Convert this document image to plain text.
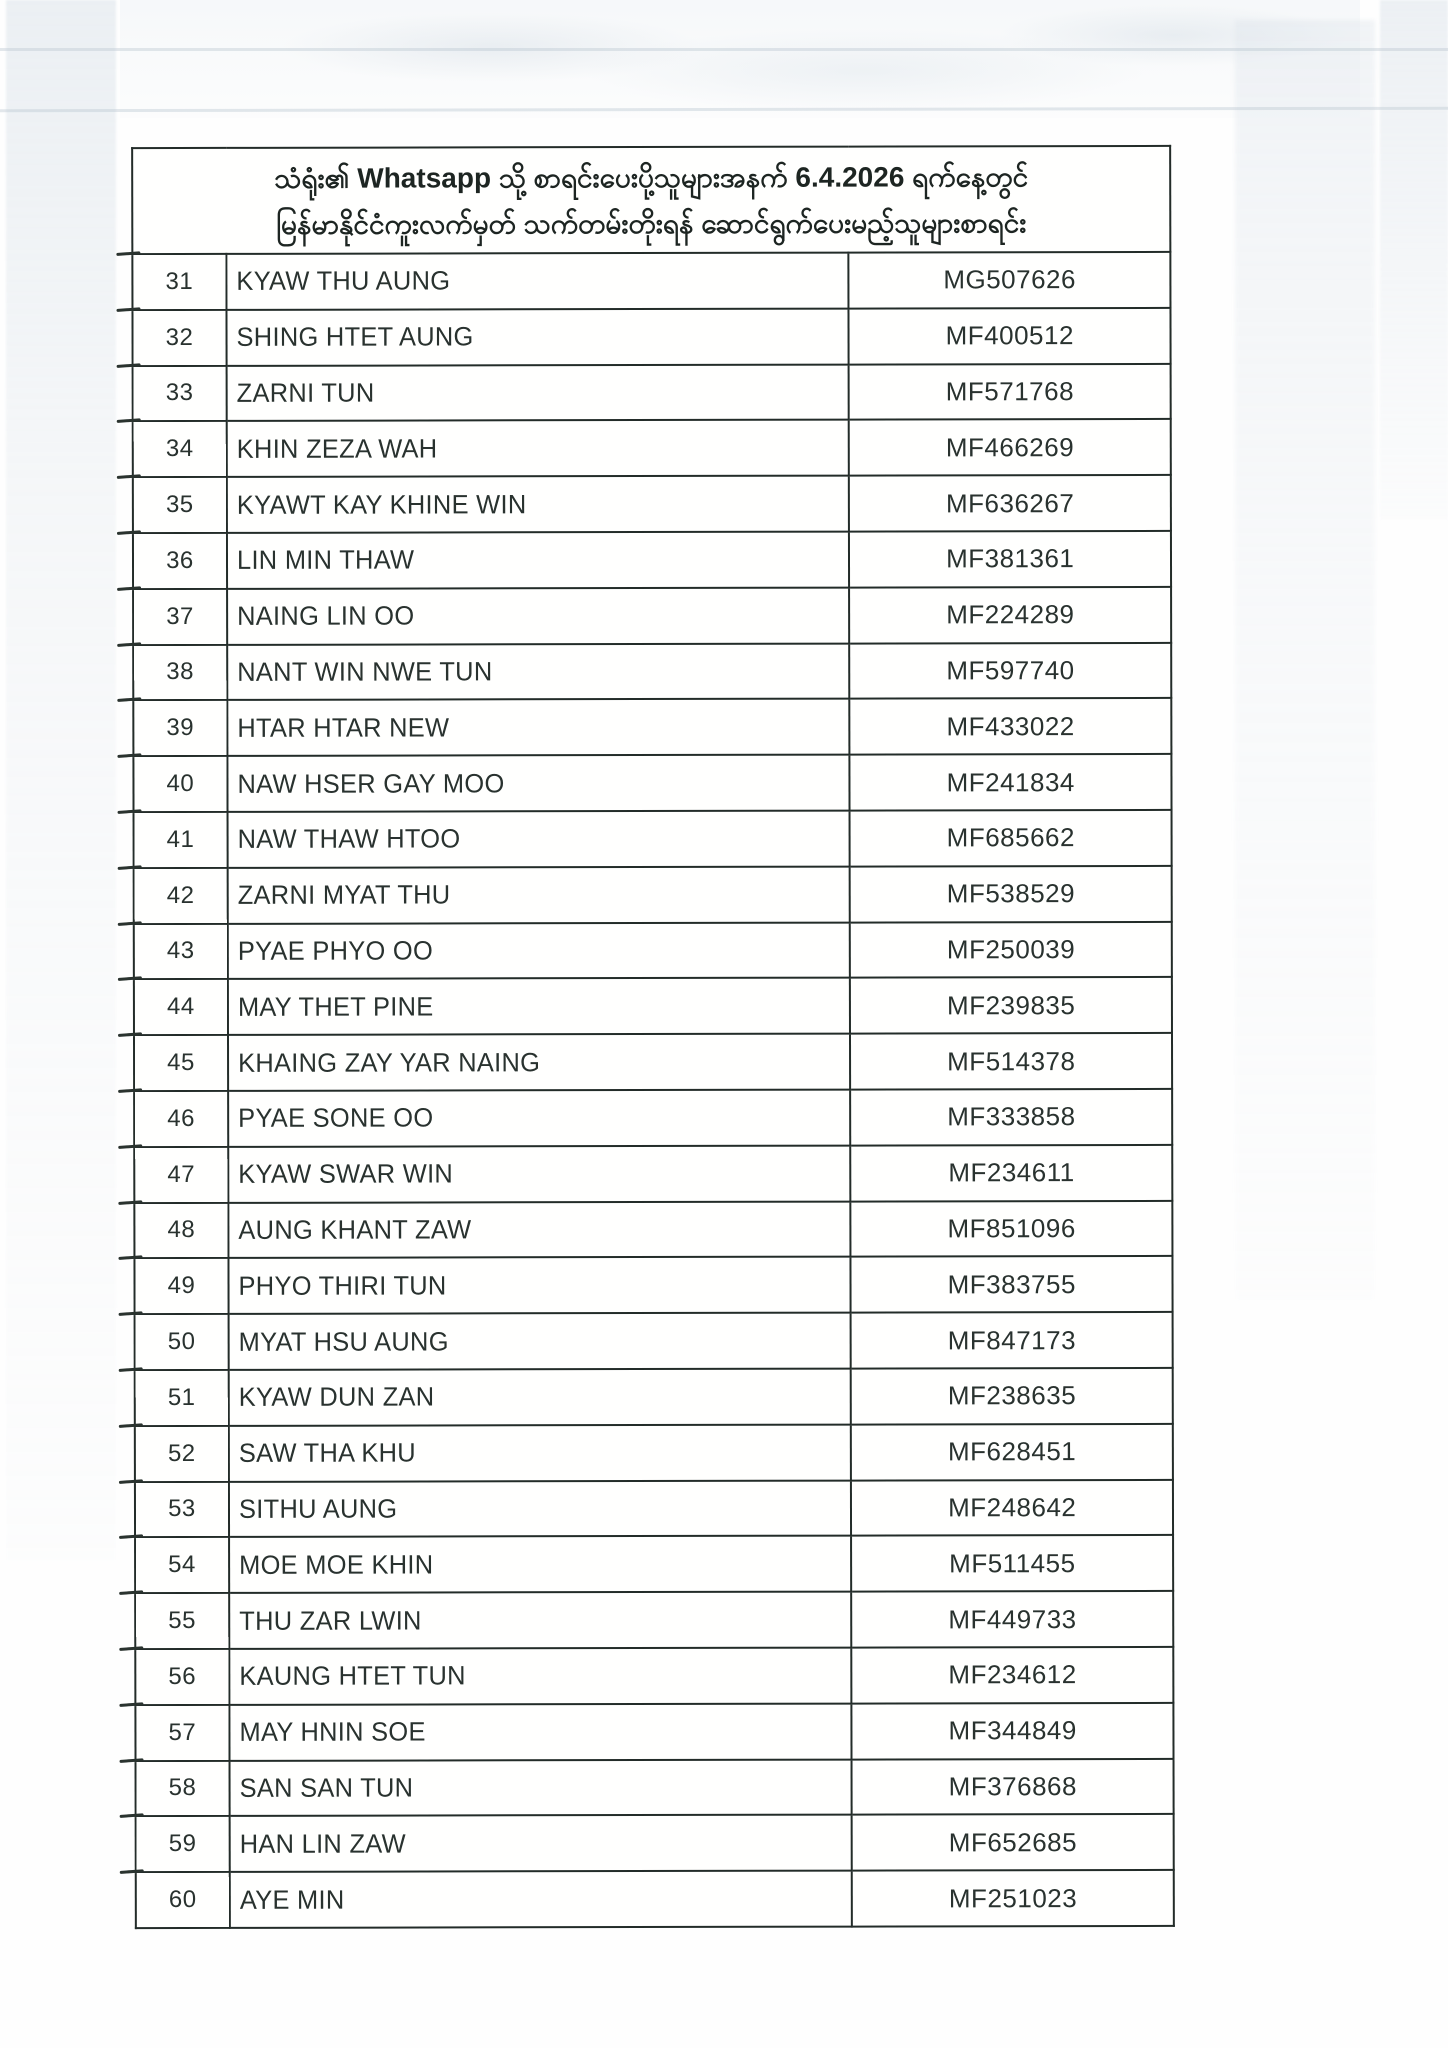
သံရုံး၏ Whatsapp သို့ စာရင်းပေးပို့သူများအနက် 6.4.2026 ရက်နေ့တွင်
မြန်မာနိုင်ငံကူးလက်မှတ် သက်တမ်းတိုးရန် ဆောင်ရွက်ပေးမည့်သူများစာရင်း		

31	KYAW THU AUNG	MG507626
32	SHING HTET AUNG	MF400512
33	ZARNI TUN	MF571768
34	KHIN ZEZA WAH	MF466269
35	KYAWT KAY KHINE WIN	MF636267
36	LIN MIN THAW	MF381361
37	NAING LIN OO	MF224289
38	NANT WIN NWE TUN	MF597740
39	HTAR HTAR NEW	MF433022
40	NAW HSER GAY MOO	MF241834
41	NAW THAW HTOO	MF685662
42	ZARNI MYAT THU	MF538529
43	PYAE PHYO OO	MF250039
44	MAY THET PINE	MF239835
45	KHAING ZAY YAR NAING	MF514378
46	PYAE SONE OO	MF333858
47	KYAW SWAR WIN	MF234611
48	AUNG KHANT ZAW	MF851096
49	PHYO THIRI TUN	MF383755
50	MYAT HSU AUNG	MF847173
51	KYAW DUN ZAN	MF238635
52	SAW THA KHU	MF628451
53	SITHU AUNG	MF248642
54	MOE MOE KHIN	MF511455
55	THU ZAR LWIN	MF449733
56	KAUNG HTET TUN	MF234612
57	MAY HNIN SOE	MF344849
58	SAN SAN TUN	MF376868
59	HAN LIN ZAW	MF652685
60	AYE MIN	MF251023
